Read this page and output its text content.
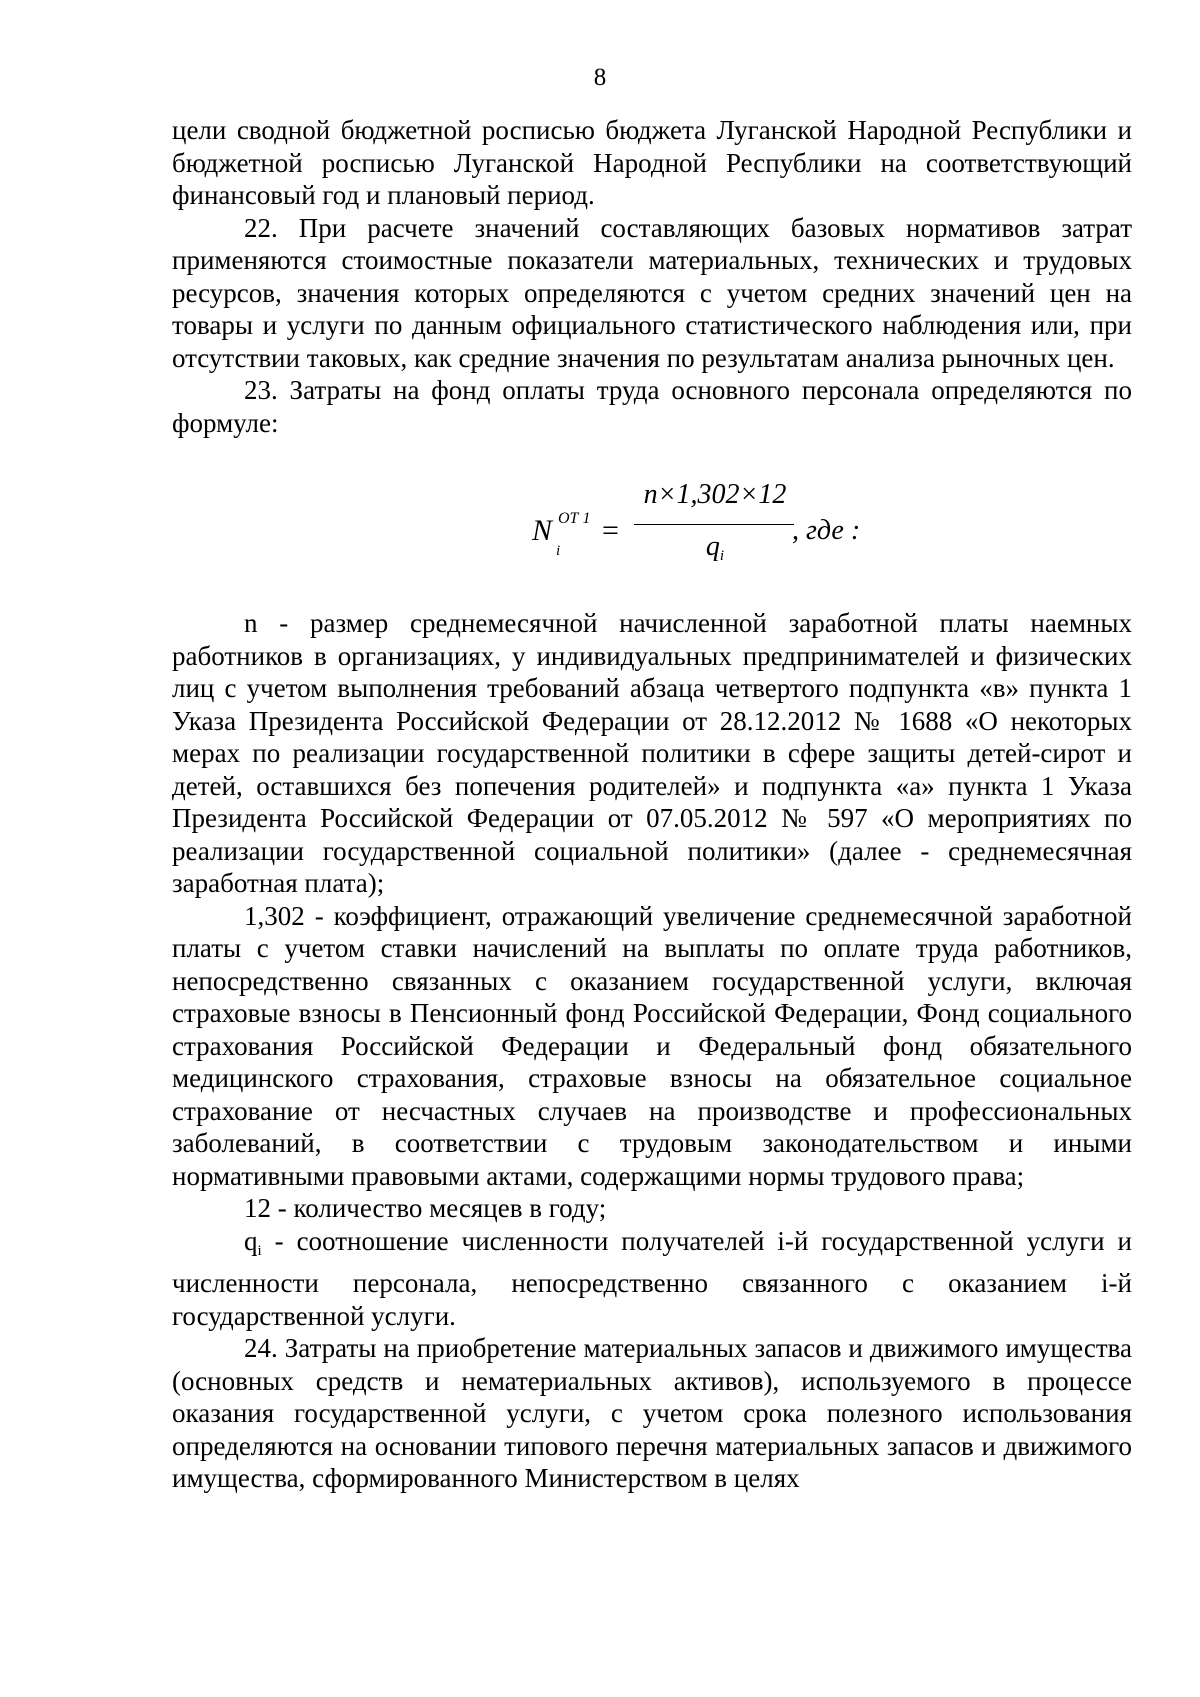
8

цели сводной бюджетной росписью бюджета Луганской Народной Республики и бюджетной росписью Луганской Народной Республики на соответствующий финансовый год и плановый период.

22. При расчете значений составляющих базовых нормативов затрат применяются стоимостные показатели материальных, технических и трудовых ресурсов, значения которых определяются с учетом средних значений цен на товары и услуги по данным официального статистического наблюдения или, при отсутствии таковых, как средние значения по результатам анализа рыночных цен.

23. Затраты на фонд оплаты труда основного персонала определяются по формуле:

N ОТ 1
i
=
n×1,302×12
$q_i$
, где :

n - размер среднемесячной начисленной заработной платы наемных работников в организациях, у индивидуальных предпринимателей и физических лиц с учетом выполнения требований абзаца четвертого подпункта «в» пункта 1 Указа Президента Российской Федерации от 28.12.2012 № 1688 «О некоторых мерах по реализации государственной политики в сфере защиты детей-сирот и детей, оставшихся без попечения родителей» и подпункта «а» пункта 1 Указа Президента Российской Федерации от 07.05.2012 № 597 «О мероприятиях по реализации государственной социальной политики» (далее - среднемесячная заработная плата);

1,302 - коэффициент, отражающий увеличение среднемесячной заработной платы с учетом ставки начислений на выплаты по оплате труда работников, непосредственно связанных с оказанием государственной услуги, включая страховые взносы в Пенсионный фонд Российской Федерации, Фонд социального страхования Российской Федерации и Федеральный фонд обязательного медицинского страхования, страховые взносы на обязательное социальное страхование от несчастных случаев на производстве и профессиональных заболеваний, в соответствии с трудовым законодательством и иными нормативными правовыми актами, содержащими нормы трудового права;

12 - количество месяцев в году;

$q_i$ - соотношение численности получателей i-й государственной услуги и численности персонала, непосредственно связанного с оказанием i-й государственной услуги.

24. Затраты на приобретение материальных запасов и движимого имущества (основных средств и нематериальных активов), используемого в процессе оказания государственной услуги, с учетом срока полезного использования определяются на основании типового перечня материальных запасов и движимого имущества, сформированного Министерством в целях
